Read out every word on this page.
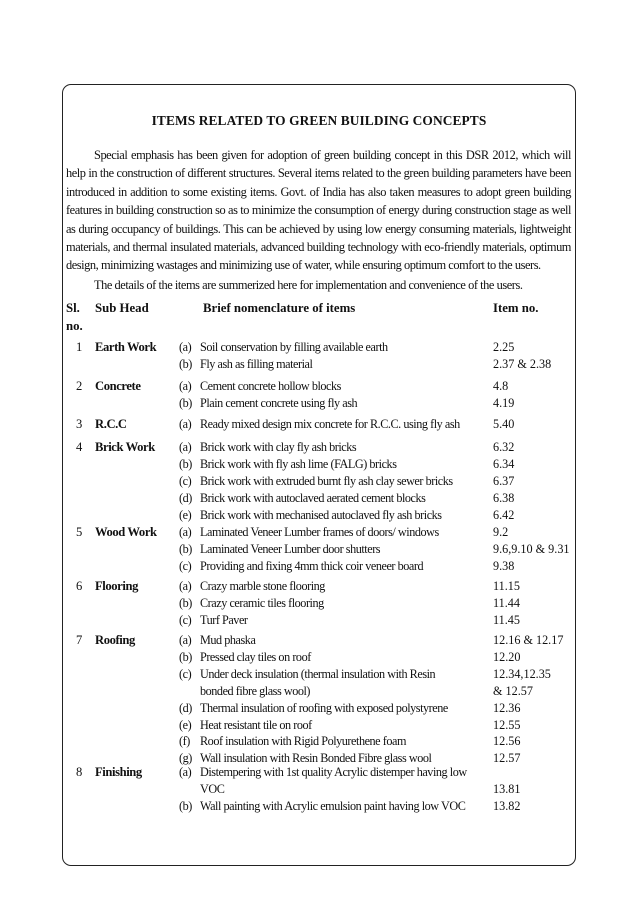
ITEMS RELATED TO GREEN BUILDING CONCEPTS

Special emphasis has been given for adoption of green building concept in this DSR 2012, which will help in the construction of different structures. Several items related to the green building parameters have been introduced in addition to some existing items. Govt. of India has also taken measures to adopt green building features in building construction so as to minimize the consumption of energy during construction stage as well as during occupancy of buildings. This can be achieved by using low energy consuming materials, lightweight materials, and thermal insulated materials, advanced building technology with eco-friendly materials, optimum design, minimizing wastages and minimizing use of water, while ensuring optimum comfort to the users.

The details of the items are summerized here for implementation and convenience of the users.

Sl.
no.
Sub Head	Brief nomenclature of items	Item no.
1 Earth Work (a) Soil conservation by filling available earth	2.25
(b) Fly ash as filling material	2.37 & 2.38
2 Concrete	(a) Cement concrete hollow blocks	4.8
(b) Plain cement concrete using fly ash	4.19
3 R.C.C	(a) Ready mixed design mix concrete for R.C.C. using fly ash	5.40
4 Brick Work (a) Brick work with clay fly ash bricks	6.32
(b) Brick work with fly ash lime (FALG) bricks	6.34
(c) Brick work with extruded burnt fly ash clay sewer bricks	6.37
(d) Brick work with autoclaved aerated cement blocks	6.38
(e) Brick work with mechanised autoclaved fly ash bricks	6.42
5 Wood Work (a) Laminated Veneer Lumber frames of doors/ windows	9.2
(b) Laminated Veneer Lumber door shutters	9.6,9.10 & 9.31
(c) Providing and fixing 4mm thick coir veneer board	9.38
6 Flooring	(a) Crazy marble stone flooring	11.15
(b) Crazy ceramic tiles flooring	11.44
(c) Turf Paver	11.45
7 Roofing	(a) Mud phaska	12.16 & 12.17
(b) Pressed clay tiles on roof	12.20
(c) Under deck insulation (thermal insulation with Resin	12.34,12.35
bonded fibre glass wool)	& 12.57
(d) Thermal insulation of roofing with exposed polystyrene	12.36
(e) Heat resistant tile on roof	12.55
(f) Roof insulation with Rigid Polyurethene foam	12.56
(g) Wall insulation with Resin Bonded Fibre glass wool	12.57
8 Finishing	(a) Distempering with 1st quality Acrylic distemper having low
VOC	13.81
(b) Wall painting with Acrylic emulsion paint having low VOC 13.82
